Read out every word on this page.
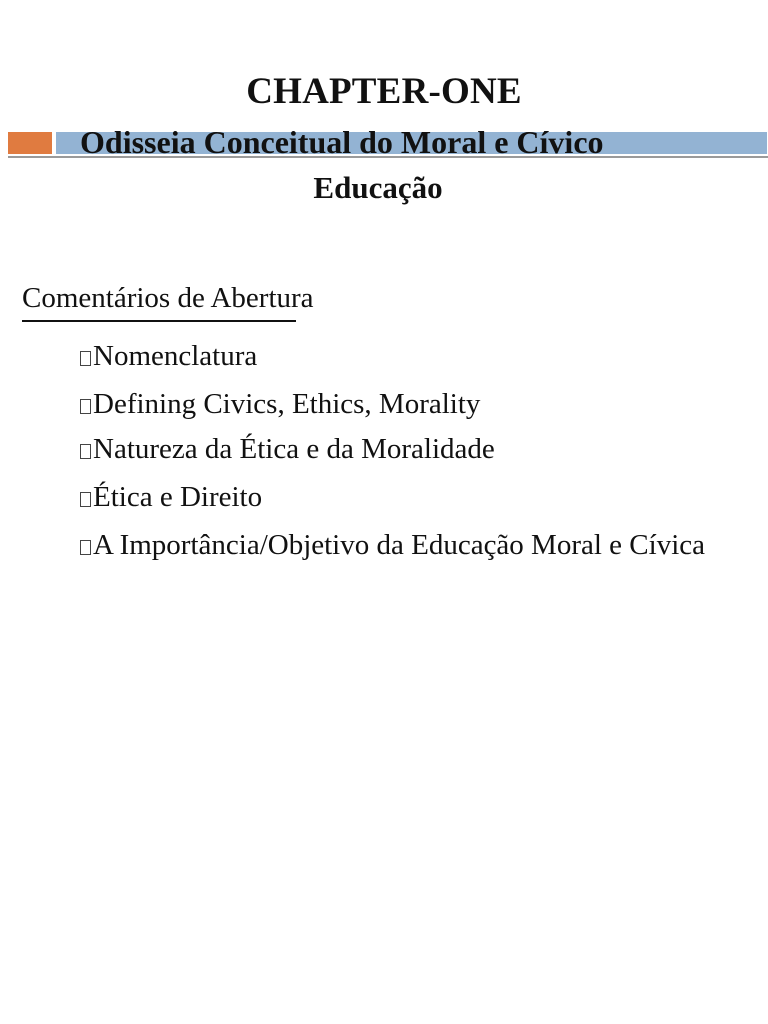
CHAPTER-ONE
Odisseia Conceitual do Moral e Cívico
Educação
Comentários de Abertura
Nomenclatura
Defining Civics, Ethics, Morality
Natureza da Ética e da Moralidade
Ética e Direito
A Importância/Objetivo da Educação Moral e Cívica
